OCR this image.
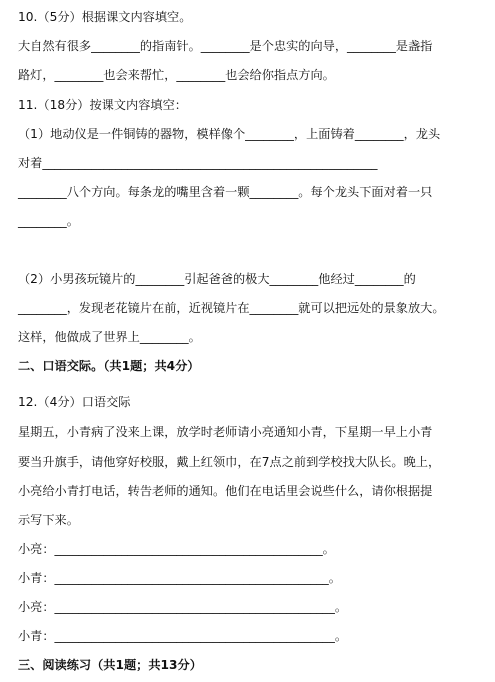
10.（5分）根据课文内容填空。
大自然有很多________的指南针。________是个忠实的向导，________是盏指
路灯，________也会来帮忙，________也会给你指点方向。
11.（18分）按课文内容填空：
（1）地动仪是一件铜铸的器物，模样像个________，上面铸着________，龙头
对着_______________________________________________________
________八个方向。每条龙的嘴里含着一颗________。每个龙头下面对着一只
________。
（2）小男孩玩镜片的________引起爸爸的极大________他经过________的
________，发现老花镜片在前，近视镜片在________就可以把远处的景象放大。
这样，他做成了世界上________。
二、口语交际。（共1题；共4分）
12.（4分）口语交际
星期五，小青病了没来上课，放学时老师请小亮通知小青，下星期一早上小青
要当升旗手，请他穿好校服，戴上红领巾，在7点之前到学校找大队长。晚上，
小亮给小青打电话，转告老师的通知。他们在电话里会说些什么，请你根据提
示写下来。
小亮：____________________________________________。
小青：_____________________________________________。
小亮：______________________________________________。
小青：______________________________________________。
三、阅读练习（共1题；共13分）
